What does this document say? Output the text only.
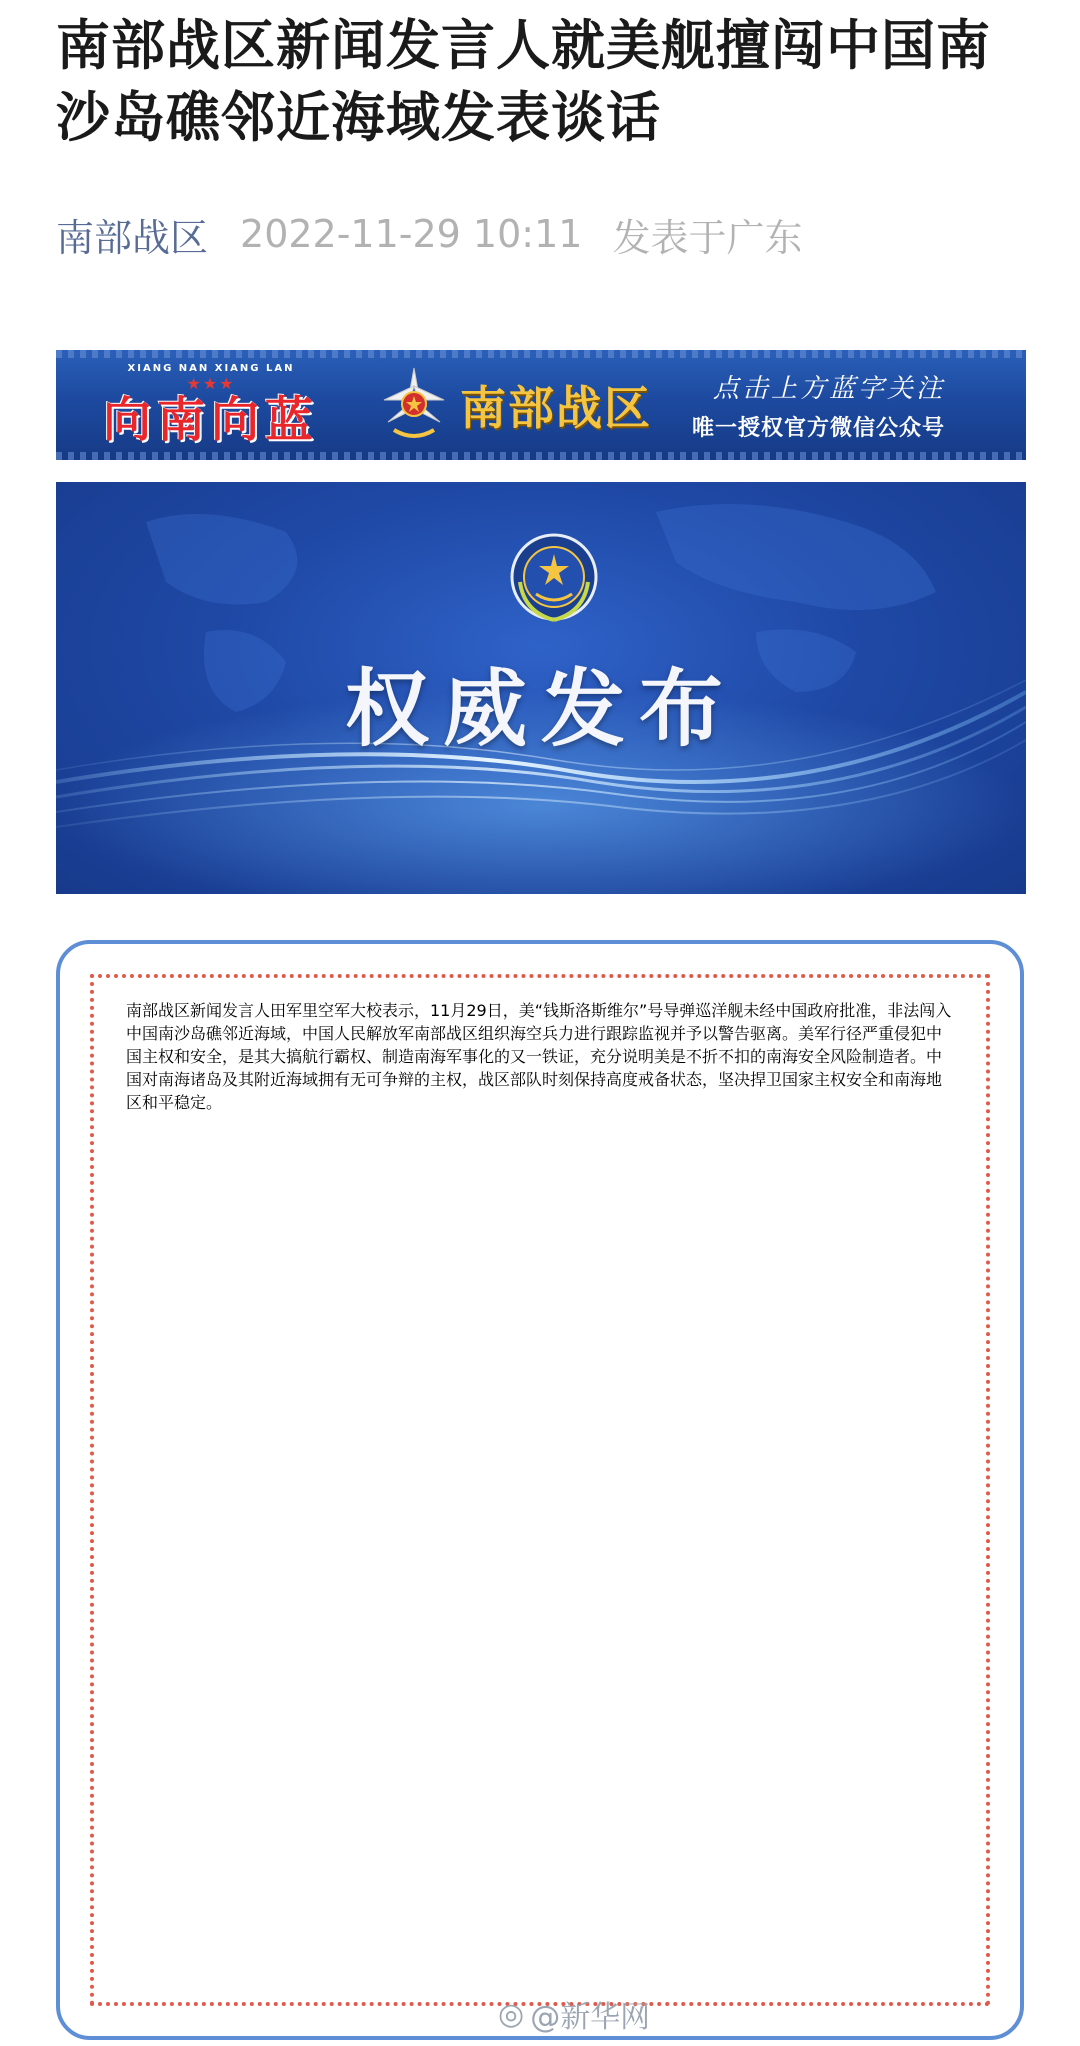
南部战区新闻发言人就美舰擅闯中国南沙岛礁邻近海域发表谈话
南部战区 2022-11-29 10:11 发表于广东
XIANG NAN XIANG LAN
★★★
向南向蓝	南部战区 点击上方蓝字关注
唯一授权官方微信公众号
权威发布

南部战区新闻发言人田军里空军大校表示，11月29日，美“钱斯洛斯维尔”号导弹巡洋舰未经中国政府批准，非法闯入中国南沙岛礁邻近海域，中国人民解放军南部战区组织海空兵力进行跟踪监视并予以警告驱离。美军行径严重侵犯中国主权和安全，是其大搞航行霸权、制造南海军事化的又一铁证，充分说明美是不折不扣的南海安全风险制造者。中国对南海诸岛及其附近海域拥有无可争辩的主权，战区部队时刻保持高度戒备状态，坚决捍卫国家主权安全和南海地区和平稳定。

◎ @新华网
